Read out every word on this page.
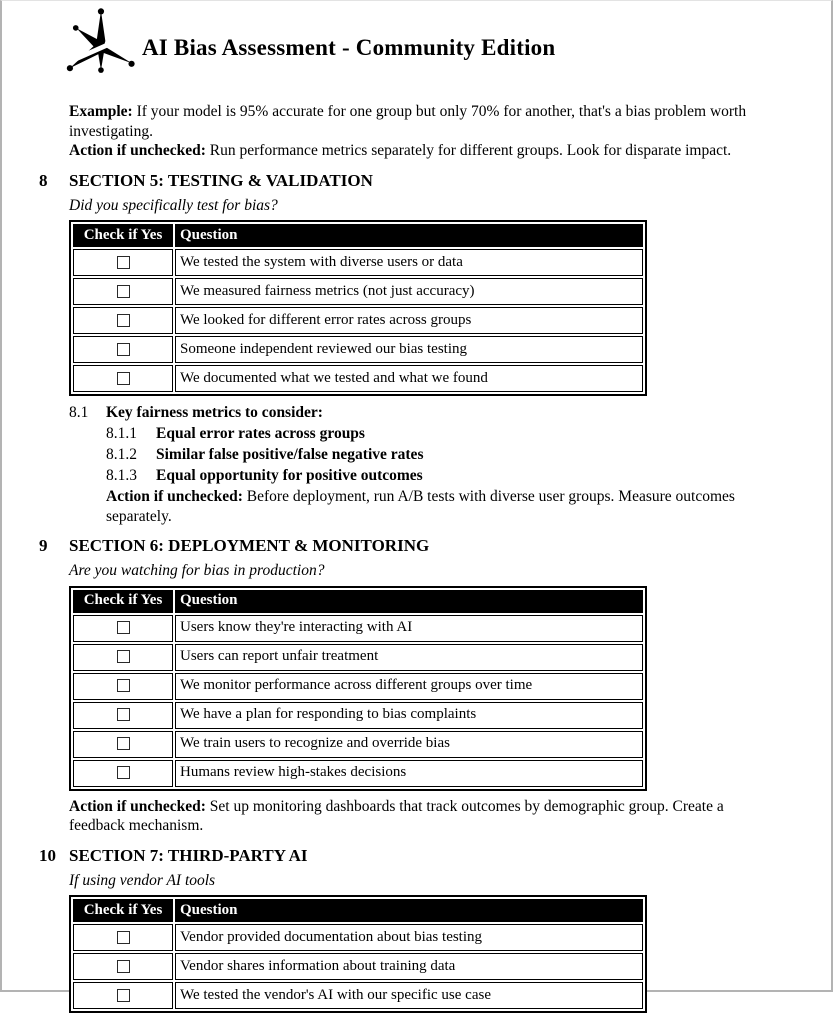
AI Bias Assessment - Community Edition

Example: If your model is 95% accurate for one group but only 70% for another, that's a bias problem worth investigating.

Action if unchecked: Run performance metrics separately for different groups. Look for disparate impact.

8 SECTION 5: TESTING & VALIDATION
Did you specifically test for bias?
Check if Yes	Question
	We tested the system with diverse users or data
	We measured fairness metrics (not just accuracy)
	We looked for different error rates across groups
	Someone independent reviewed our bias testing
	We documented what we tested and what we found
8.1 Key fairness metrics to consider:
8.1.1 Equal error rates across groups
8.1.2 Similar false positive/false negative rates
8.1.3 Equal opportunity for positive outcomes

Action if unchecked: Before deployment, run A/B tests with diverse user groups. Measure outcomes separately.

9 SECTION 6: DEPLOYMENT & MONITORING
Are you watching for bias in production?
Check if Yes	Question
	Users know they're interacting with AI
	Users can report unfair treatment
	We monitor performance across different groups over time
	We have a plan for responding to bias complaints
	We train users to recognize and override bias
	Humans review high-stakes decisions

Action if unchecked: Set up monitoring dashboards that track outcomes by demographic group. Create a feedback mechanism.

10 SECTION 7: THIRD-PARTY AI
If using vendor AI tools
Check if Yes	Question
	Vendor provided documentation about bias testing
	Vendor shares information about training data
	We tested the vendor's AI with our specific use case
